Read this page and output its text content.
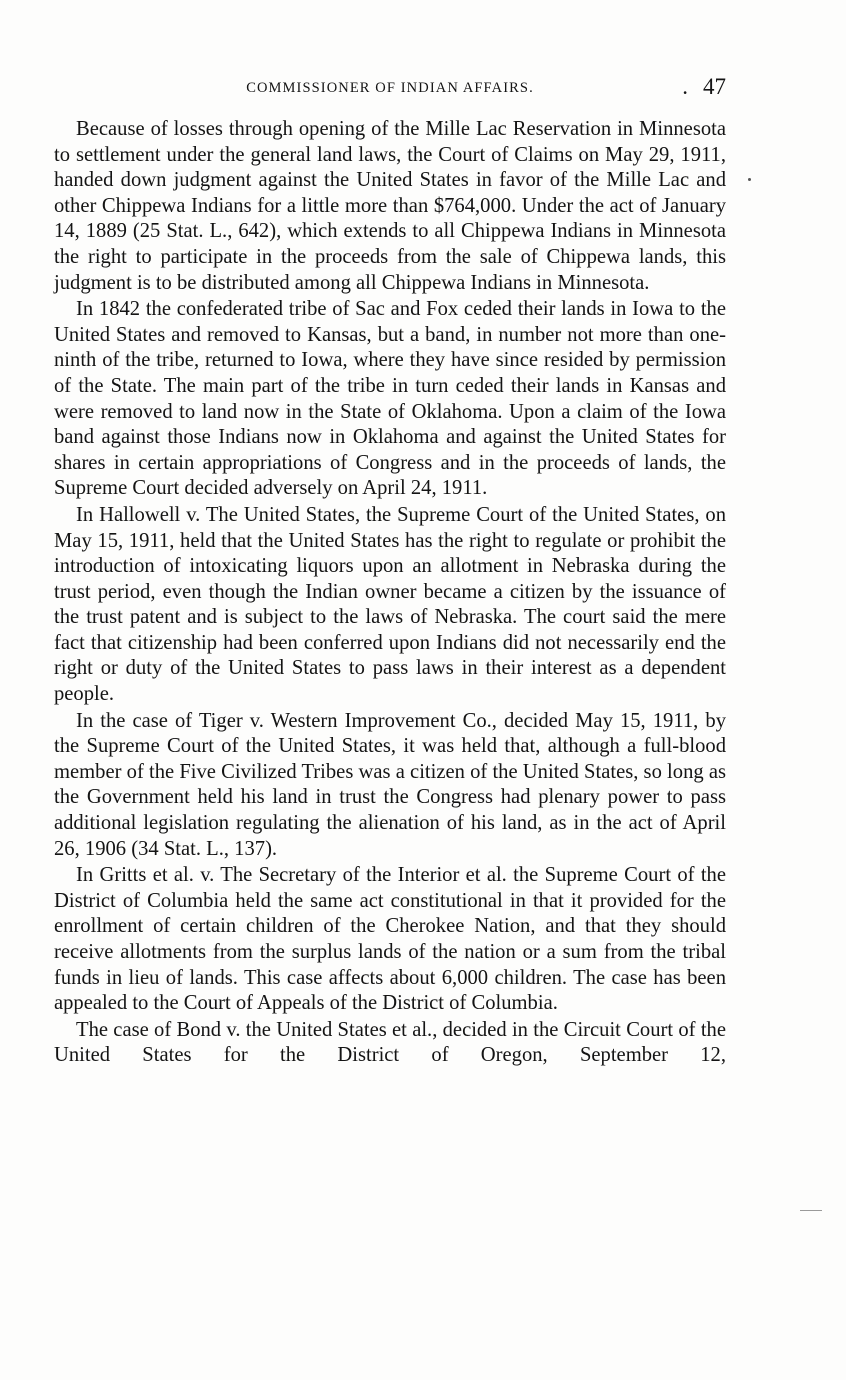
COMMISSIONER OF INDIAN AFFAIRS.	. 47

Because of losses through opening of the Mille Lac Reservation in Minnesota to settlement under the general land laws, the Court of Claims on May 29, 1911, handed down judgment against the United States in favor of the Mille Lac and other Chippewa Indians for a little more than $764,000. Under the act of January 14, 1889 (25 Stat. L., 642), which extends to all Chippewa Indians in Minnesota the right to participate in the proceeds from the sale of Chippewa lands, this judgment is to be distributed among all Chippewa Indians in Minnesota.

In 1842 the confederated tribe of Sac and Fox ceded their lands in Iowa to the United States and removed to Kansas, but a band, in number not more than one-ninth of the tribe, returned to Iowa, where they have since resided by permission of the State. The main part of the tribe in turn ceded their lands in Kansas and were removed to land now in the State of Oklahoma. Upon a claim of the Iowa band against those Indians now in Oklahoma and against the United States for shares in certain appropriations of Congress and in the proceeds of lands, the Supreme Court decided adversely on April 24, 1911.

In Hallowell v. The United States, the Supreme Court of the United States, on May 15, 1911, held that the United States has the right to regulate or prohibit the introduction of intoxicating liquors upon an allotment in Nebraska during the trust period, even though the Indian owner became a citizen by the issuance of the trust patent and is subject to the laws of Nebraska. The court said the mere fact that citizenship had been conferred upon Indians did not necessarily end the right or duty of the United States to pass laws in their interest as a dependent people.

In the case of Tiger v. Western Improvement Co., decided May 15, 1911, by the Supreme Court of the United States, it was held that, although a full-blood member of the Five Civilized Tribes was a citizen of the United States, so long as the Government held his land in trust the Congress had plenary power to pass additional legislation regulating the alienation of his land, as in the act of April 26, 1906 (34 Stat. L., 137).

In Gritts et al. v. The Secretary of the Interior et al. the Supreme Court of the District of Columbia held the same act constitutional in that it provided for the enrollment of certain children of the Cherokee Nation, and that they should receive allotments from the surplus lands of the nation or a sum from the tribal funds in lieu of lands. This case affects about 6,000 children. The case has been appealed to the Court of Appeals of the District of Columbia.

The case of Bond v. the United States et al., decided in the Circuit Court of the United States for the District of Oregon, September 12,
